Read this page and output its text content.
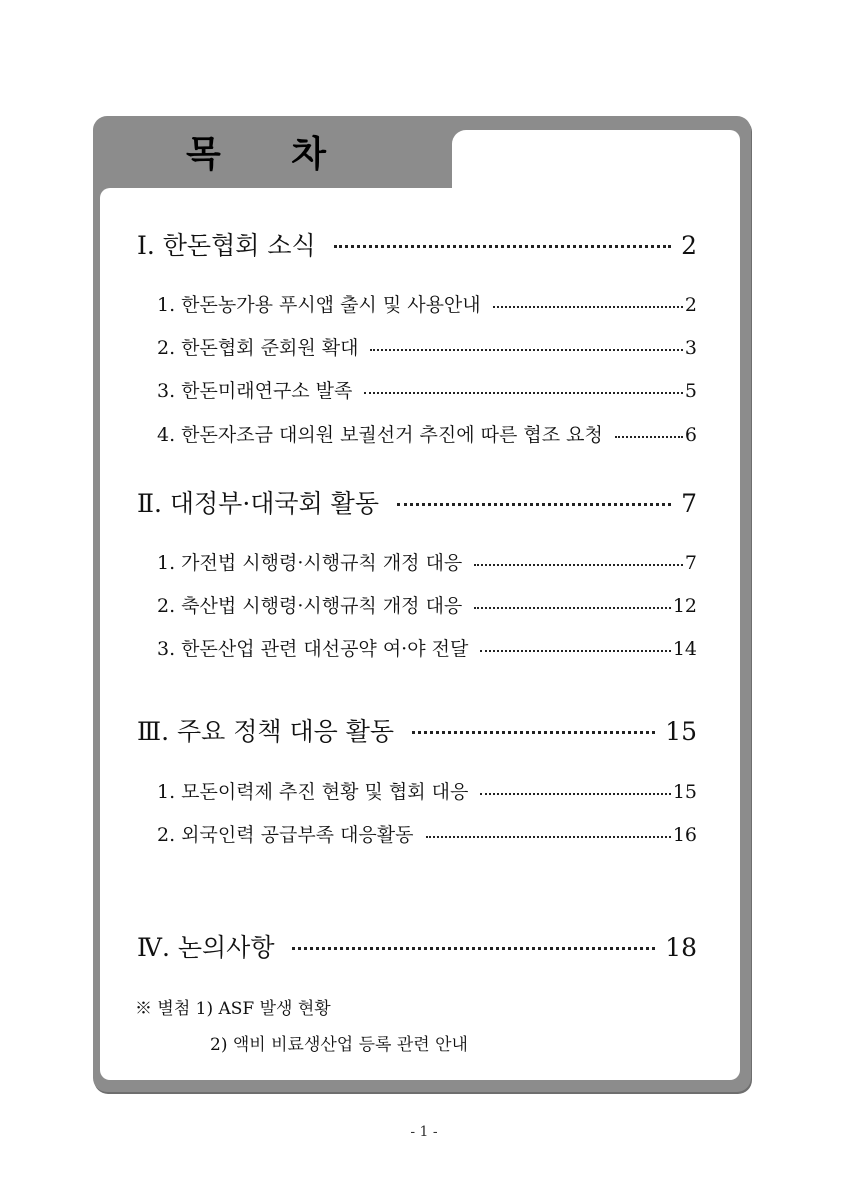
목 차
Ⅰ. 한돈협회 소식	2
1. 한돈농가용 푸시앱 출시 및 사용안내	2
2. 한돈협회 준회원 확대	3
3. 한돈미래연구소 발족	5
4. 한돈자조금 대의원 보궐선거 추진에 따른 협조 요청	6
Ⅱ. 대정부·대국회 활동	7
1. 가전법 시행령·시행규칙 개정 대응	7
2. 축산법 시행령·시행규칙 개정 대응	12
3. 한돈산업 관련 대선공약 여·야 전달	14
Ⅲ. 주요 정책 대응 활동	15
1. 모돈이력제 추진 현황 및 협회 대응	15
2. 외국인력 공급부족 대응활동	16
Ⅳ. 논의사항	18
※ 별첨 1) ASF 발생 현황
2) 액비 비료생산업 등록 관련 안내
- 1 -
